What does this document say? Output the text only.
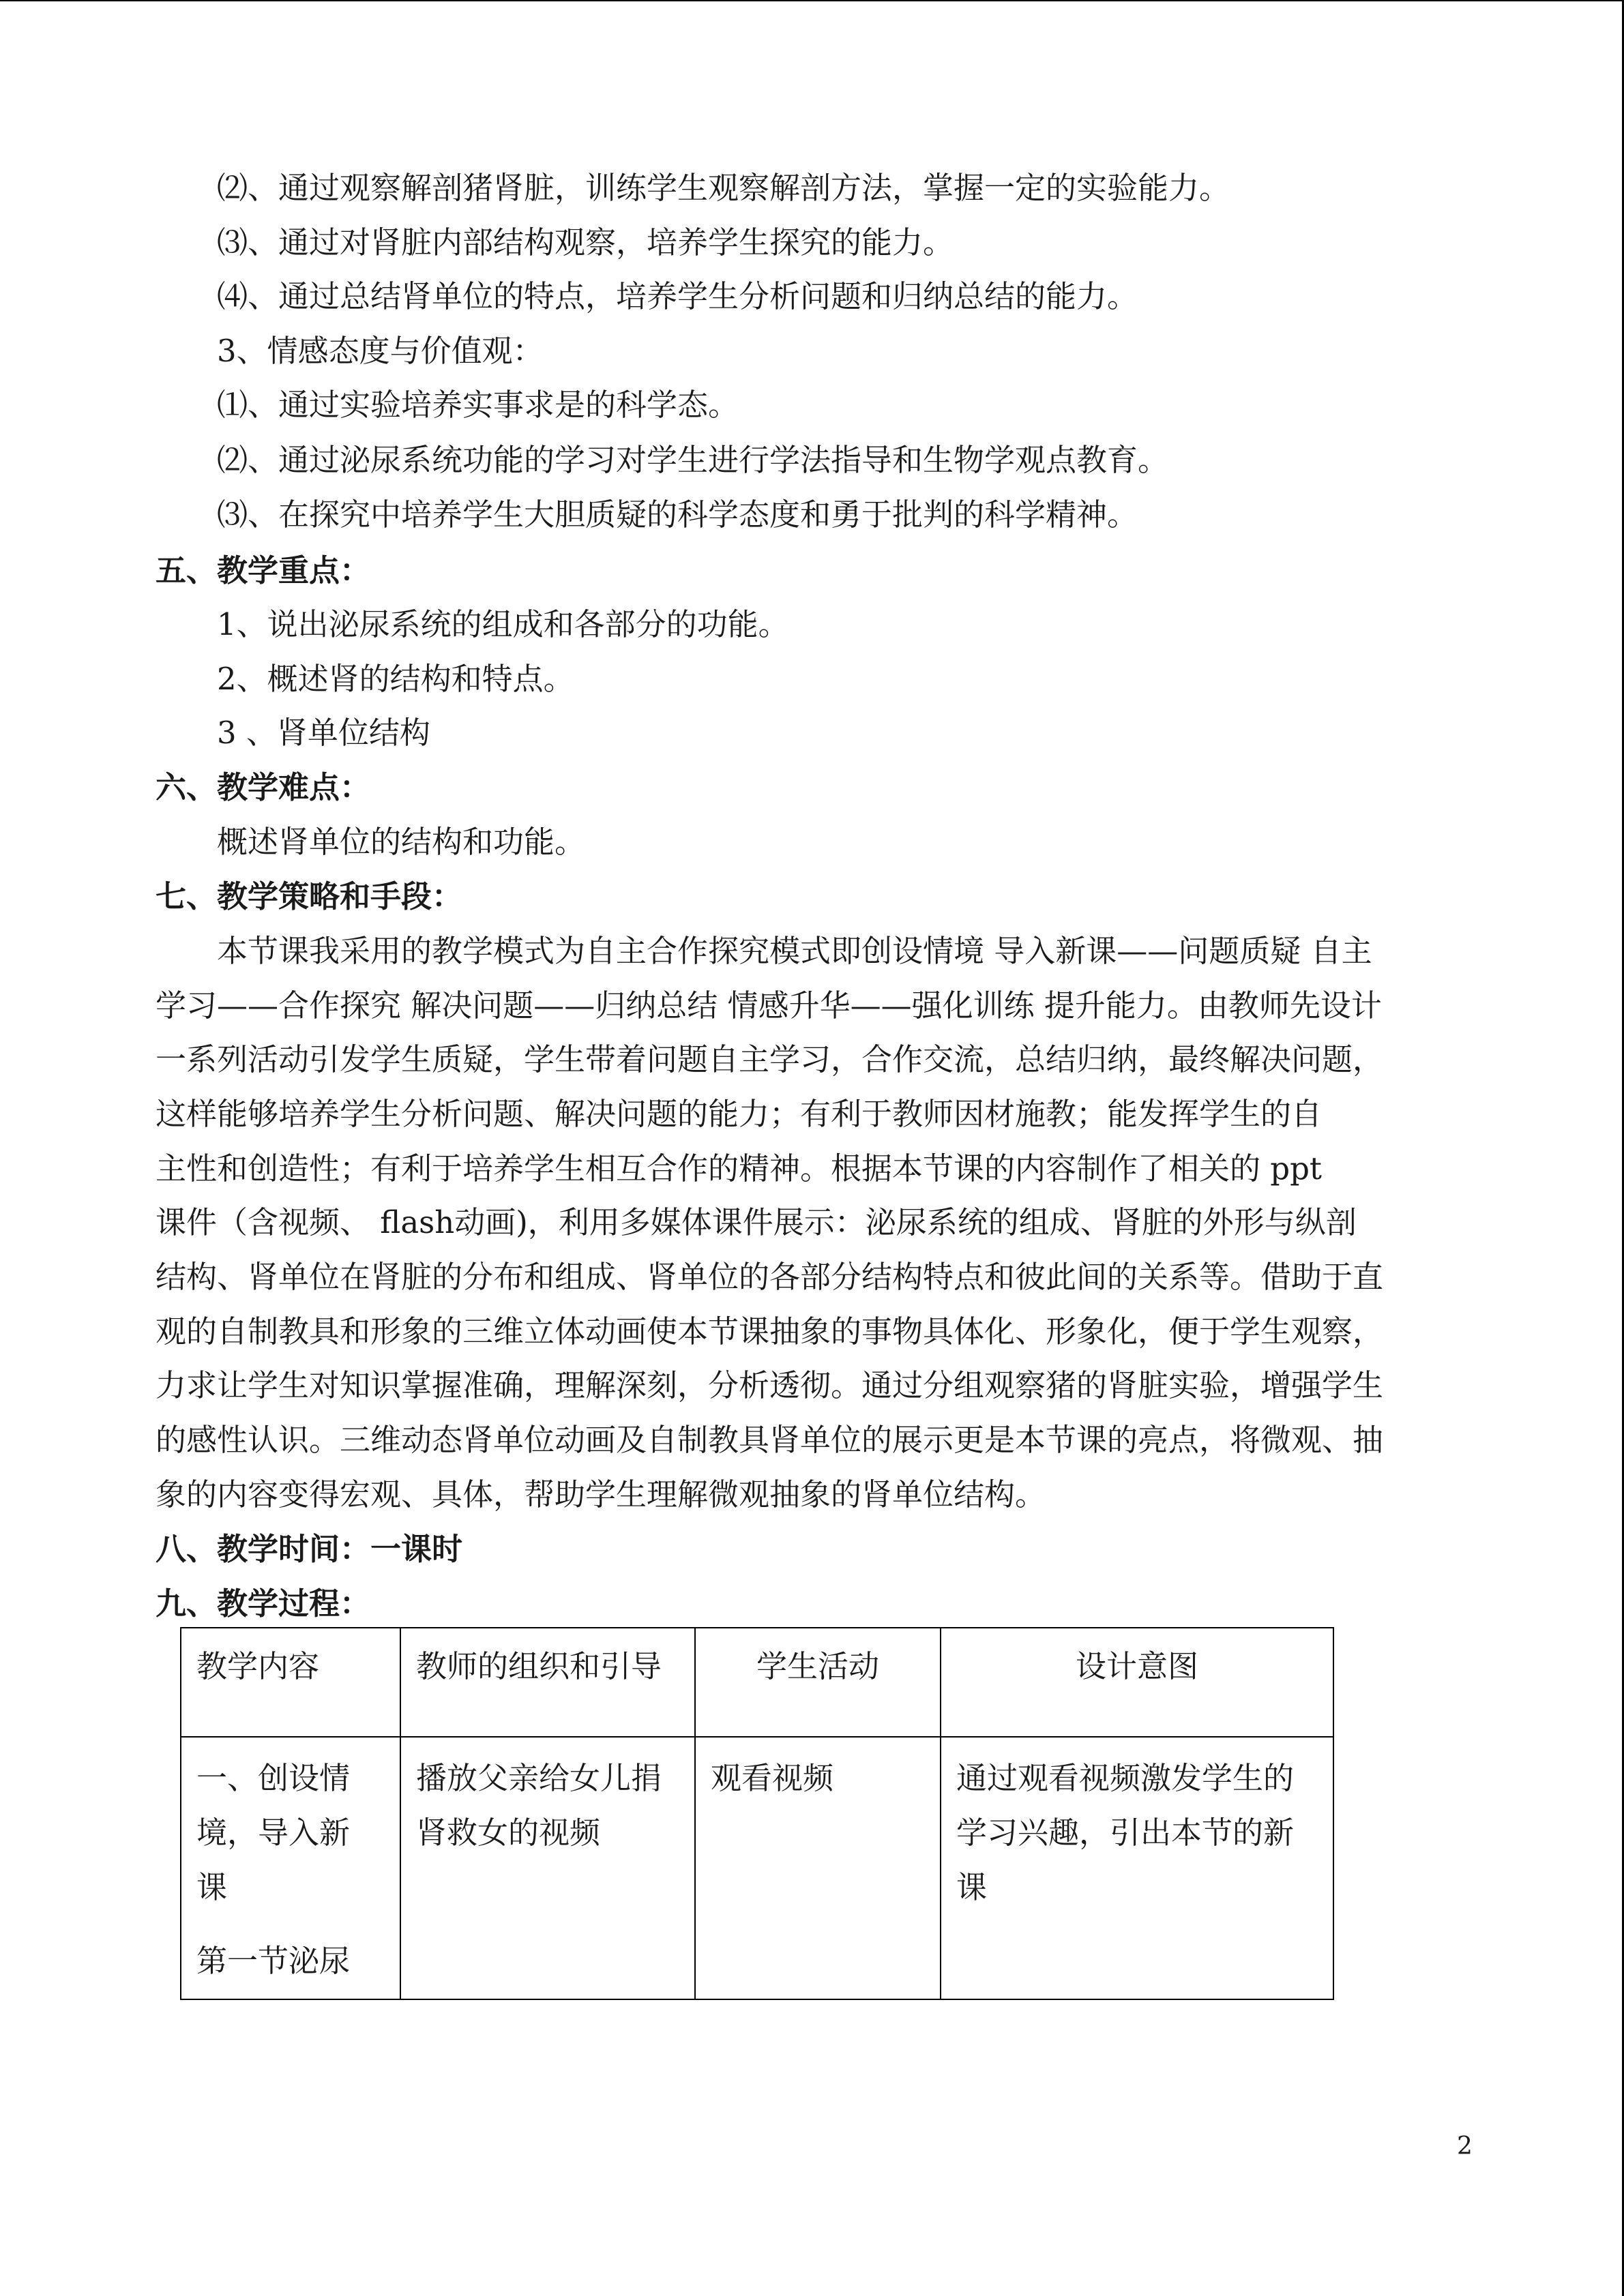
⑵、通过观察解剖猪肾脏，训练学生观察解剖方法，掌握一定的实验能力。
⑶、通过对肾脏内部结构观察，培养学生探究的能力。
⑷、通过总结肾单位的特点，培养学生分析问题和归纳总结的能力。
3、情感态度与价值观：
⑴、通过实验培养实事求是的科学态。
⑵、通过泌尿系统功能的学习对学生进行学法指导和生物学观点教育。
⑶、在探究中培养学生大胆质疑的科学态度和勇于批判的科学精神。
五、教学重点：
1、说出泌尿系统的组成和各部分的功能。
2、概述肾的结构和特点。
3 、肾单位结构
六、教学难点：
概述肾单位的结构和功能。
七、教学策略和手段：
本节课我采用的教学模式为自主合作探究模式即创设情境 导入新课——问题质疑 自主
学习——合作探究 解决问题——归纳总结 情感升华——强化训练 提升能力。由教师先设计
一系列活动引发学生质疑，学生带着问题自主学习，合作交流，总结归纳，最终解决问题，
这样能够培养学生分析问题、解决问题的能力；有利于教师因材施教；能发挥学生的自
主性和创造性；有利于培养学生相互合作的精神。根据本节课的内容制作了相关的 ppt
课件（含视频、 flash动画)，利用多媒体课件展示：泌尿系统的组成、肾脏的外形与纵剖
结构、肾单位在肾脏的分布和组成、肾单位的各部分结构特点和彼此间的关系等。借助于直
观的自制教具和形象的三维立体动画使本节课抽象的事物具体化、形象化，便于学生观察，
力求让学生对知识掌握准确，理解深刻，分析透彻。通过分组观察猪的肾脏实验，增强学生
的感性认识。三维动态肾单位动画及自制教具肾单位的展示更是本节课的亮点，将微观、抽
象的内容变得宏观、具体，帮助学生理解微观抽象的肾单位结构。
八、教学时间：一课时
九、教学过程：
教学内容	教师的组织和引导	学生活动	设计意图

一、创设情
境，导入新
课
第一节泌尿	播放父亲给女儿捐
肾救女的视频	观看视频	通过观看视频激发学生的
学习兴趣，引出本节的新
课
2
